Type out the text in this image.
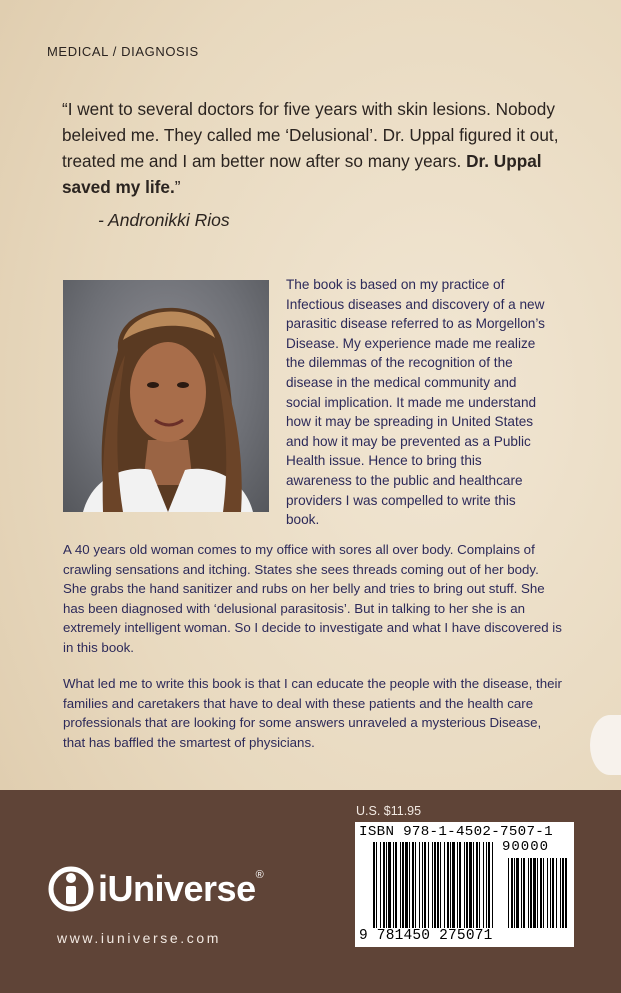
MEDICAL / DIAGNOSIS
“I went to several doctors for five years with skin lesions. Nobody beleived me. They called me ‘Delusional’. Dr. Uppal figured it out, treated me and I am better now after so many years. Dr. Uppal saved my life.”
- Andronikki Rios
The book is based on my practice of Infectious diseases and discovery of a new parasitic disease referred to as Morgellon’s Disease. My experience made me realize the dilemmas of the recognition of the disease in the medical community and social implication. It made me understand how it may be spreading in United States and how it may be prevented as a Public Health issue. Hence to bring this awareness to the public and healthcare providers I was compelled to write this book.
A 40 years old woman comes to my office with sores all over body. Complains of crawling sensations and itching. States she sees threads coming out of her body. She grabs the hand sanitizer and rubs on her belly and tries to bring out stuff. She has been diagnosed with ‘delusional parasitosis’. But in talking to her she is an extremely intelligent woman. So I decide to investigate and what I have discovered is in this book.
What led me to write this book is that I can educate the people with the disease, their families and caretakers that have to deal with these patients and the health care professionals that are looking for some answers unraveled a mysterious Disease, that has baffled the smartest of physicians.
iUniverse ®
www.iuniverse.com
U.S. $11.95
ISBN 978-1-4502-7507-1
90000
9 781450 275071
